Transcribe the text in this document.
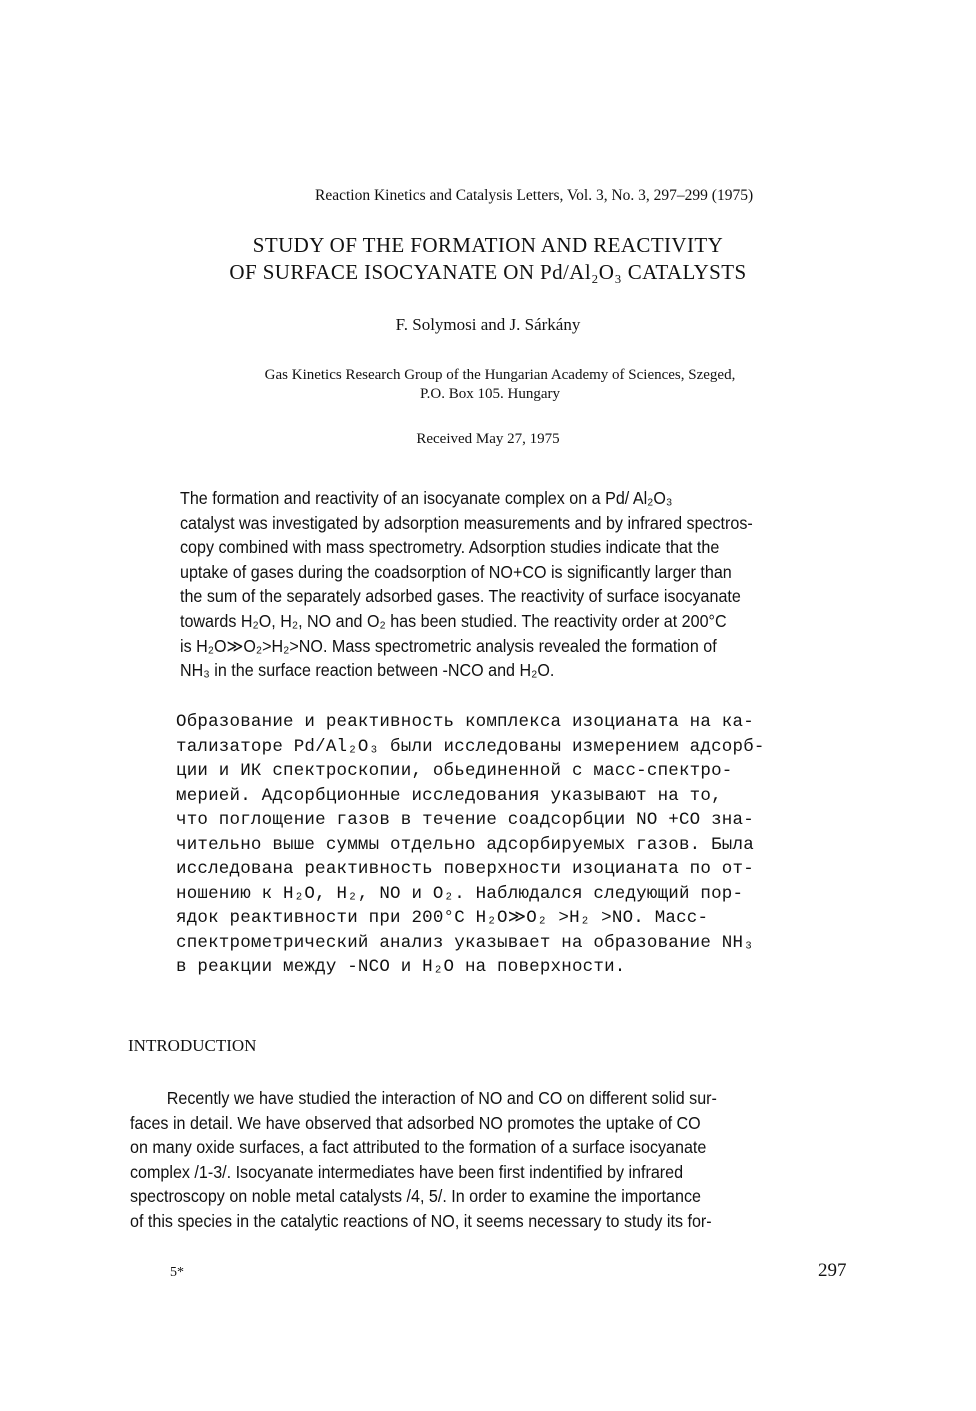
Reaction Kinetics and Catalysis Letters, Vol. 3, No. 3, 297–299 (1975)
STUDY OF THE FORMATION AND REACTIVITY
OF SURFACE ISOCYANATE ON Pd/Al₂O₃ CATALYSTS
F. Solymosi and J. Sárkány
Gas Kinetics Research Group of the Hungarian Academy of Sciences, Szeged,
P.O. Box 105. Hungary
Received May 27, 1975
The formation and reactivity of an isocyanate complex on a Pd/ Al₂O₃
catalyst was investigated by adsorption measurements and by infrared spectros-
copy combined with mass spectrometry. Adsorption studies indicate that the
uptake of gases during the coadsorption of NO+CO is significantly larger than
the sum of the separately adsorbed gases. The reactivity of surface isocyanate
towards H₂O, H₂, NO and O₂ has been studied. The reactivity order at 200°C
is H₂O≫O₂>H₂>NO. Mass spectrometric analysis revealed the formation of
NH₃ in the surface reaction between -NCO and H₂O.
Образование и реактивность комплекса изоцианата на ка-
тализаторе Pd/Al₂O₃ были исследованы измерением адсорб-
ции и ИК спектроскопии, обьединенной с масс-спектро-
мерией. Адсорбционные исследования указывают на то,
что поглощение газов в течение соадсорбции NO +CO зна-
чительно выше суммы отдельно адсорбируемых газов. Была
исследована реактивность поверхности изоцианата по от-
ношению к H₂O, H₂, NO и O₂. Наблюдался следующий пор-
ядок реактивности при 200°C H₂O≫O₂ >H₂ >NO. Масс-
спектрометрический анализ указывает на образование NH₃
в реакции между -NCO и H₂O на поверхности.
INTRODUCTION
Recently we have studied the interaction of NO and CO on different solid sur-
faces in detail. We have observed that adsorbed NO promotes the uptake of CO
on many oxide surfaces, a fact attributed to the formation of a surface isocyanate
complex /1-3/. Isocyanate intermediates have been first indentified by infrared
spectroscopy on noble metal catalysts /4, 5/. In order to examine the importance
of this species in the catalytic reactions of NO, it seems necessary to study its for-
5*	297
